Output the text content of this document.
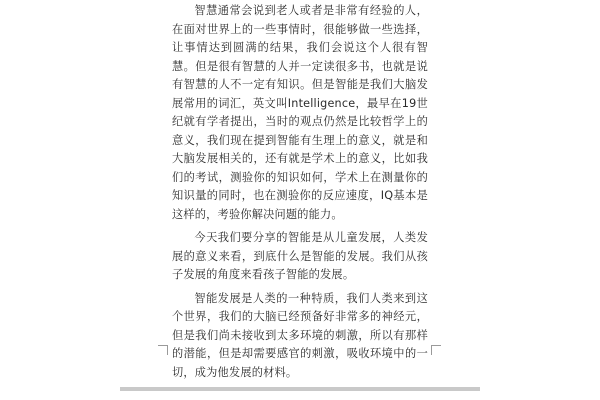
智慧通常会说到老人或者是非常有经验的人，在面对世界上的一些事情时，很能够做一些选择，让事情达到圆满的结果，我们会说这个人很有智慧。但是很有智慧的人并一定读很多书，也就是说有智慧的人不一定有知识。但是智能是我们大脑发展常用的词汇，英文叫Intelligence，最早在19世纪就有学者提出，当时的观点仍然是比较哲学上的意义，我们现在提到智能有生理上的意义，就是和大脑发展相关的，还有就是学术上的意义，比如我们的考试，测验你的知识如何，学术上在测量你的知识量的同时，也在测验你的反应速度，IQ基本是这样的，考验你解决问题的能力。

今天我们要分享的智能是从儿童发展，人类发展的意义来看，到底什么是智能的发展。我们从孩子发展的角度来看孩子智能的发展。

智能发展是人类的一种特质，我们人类来到这个世界，我们的大脑已经预备好非常多的神经元，但是我们尚未接收到太多环境的刺激，所以有那样的潜能，但是却需要感官的刺激，吸收环境中的一切，成为他发展的材料。
